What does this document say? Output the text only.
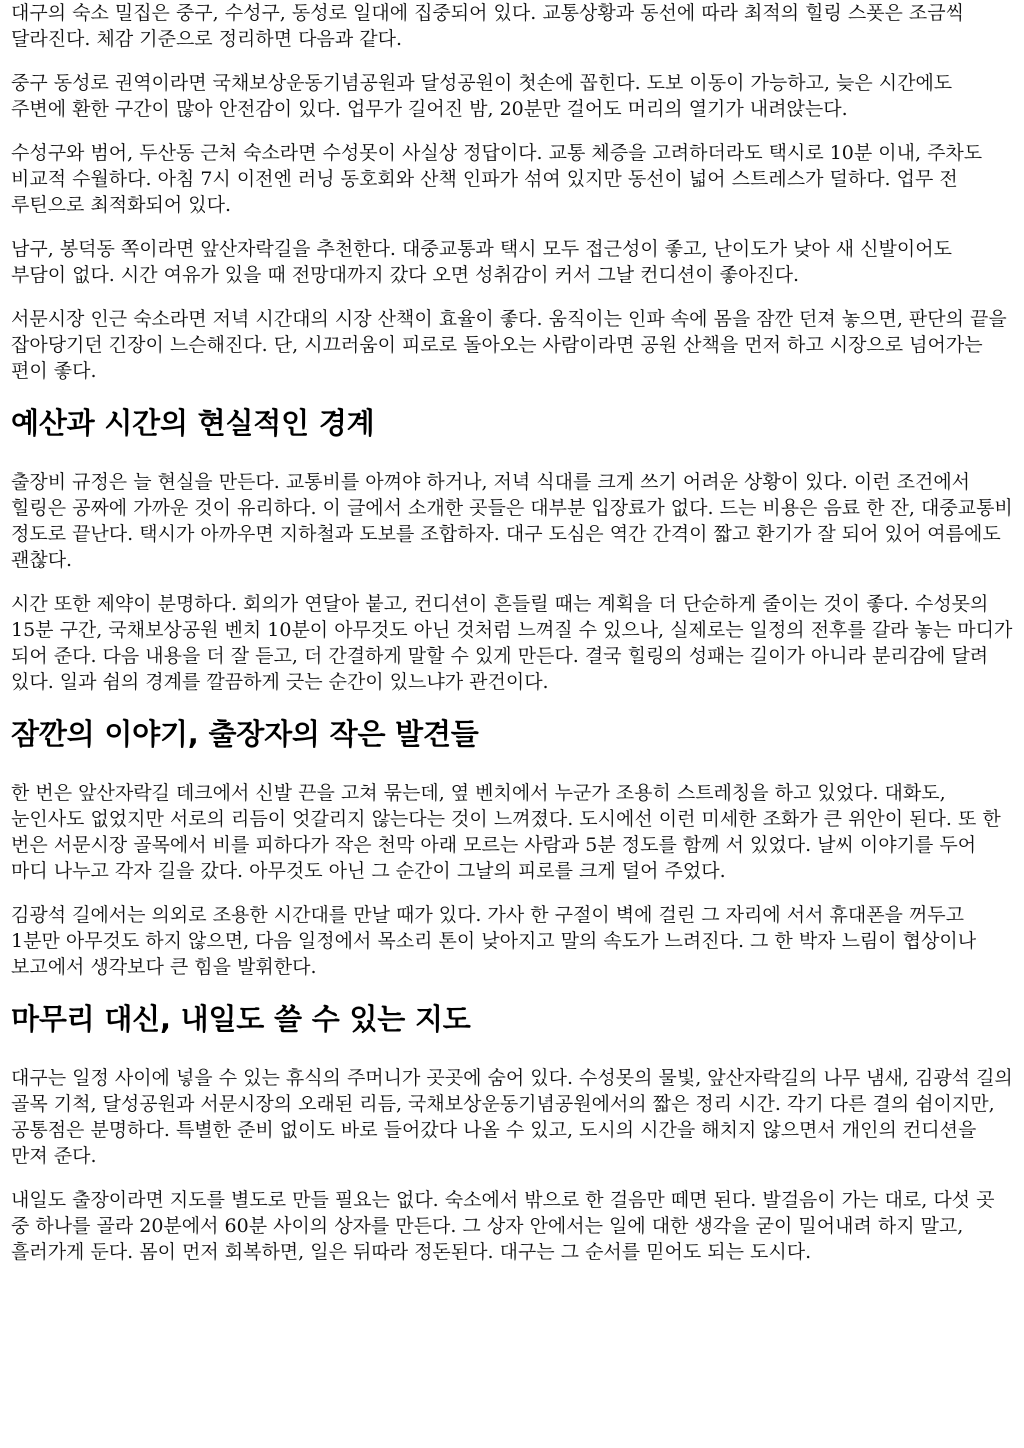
대구의 숙소 밀집은 중구, 수성구, 동성로 일대에 집중되어 있다. 교통상황과 동선에 따라 최적의 힐링 스폿은 조금씩 달라진다. 체감 기준으로 정리하면 다음과 같다.

중구 동성로 권역이라면 국채보상운동기념공원과 달성공원이 첫손에 꼽힌다. 도보 이동이 가능하고, 늦은 시간에도 주변에 환한 구간이 많아 안전감이 있다. 업무가 길어진 밤, 20분만 걸어도 머리의 열기가 내려앉는다.

수성구와 범어, 두산동 근처 숙소라면 수성못이 사실상 정답이다. 교통 체증을 고려하더라도 택시로 10분 이내, 주차도 비교적 수월하다. 아침 7시 이전엔 러닝 동호회와 산책 인파가 섞여 있지만 동선이 넓어 스트레스가 덜하다. 업무 전 루틴으로 최적화되어 있다.

남구, 봉덕동 쪽이라면 앞산자락길을 추천한다. 대중교통과 택시 모두 접근성이 좋고, 난이도가 낮아 새 신발이어도 부담이 없다. 시간 여유가 있을 때 전망대까지 갔다 오면 성취감이 커서 그날 컨디션이 좋아진다.

서문시장 인근 숙소라면 저녁 시간대의 시장 산책이 효율이 좋다. 움직이는 인파 속에 몸을 잠깐 던져 놓으면, 판단의 끝을 잡아당기던 긴장이 느슨해진다. 단, 시끄러움이 피로로 돌아오는 사람이라면 공원 산책을 먼저 하고 시장으로 넘어가는 편이 좋다.

예산과 시간의 현실적인 경계

출장비 규정은 늘 현실을 만든다. 교통비를 아껴야 하거나, 저녁 식대를 크게 쓰기 어려운 상황이 있다. 이런 조건에서 힐링은 공짜에 가까운 것이 유리하다. 이 글에서 소개한 곳들은 대부분 입장료가 없다. 드는 비용은 음료 한 잔, 대중교통비 정도로 끝난다. 택시가 아까우면 지하철과 도보를 조합하자. 대구 도심은 역간 간격이 짧고 환기가 잘 되어 있어 여름에도 괜찮다.

시간 또한 제약이 분명하다. 회의가 연달아 붙고, 컨디션이 흔들릴 때는 계획을 더 단순하게 줄이는 것이 좋다. 수성못의 15분 구간, 국채보상공원 벤치 10분이 아무것도 아닌 것처럼 느껴질 수 있으나, 실제로는 일정의 전후를 갈라 놓는 마디가 되어 준다. 다음 내용을 더 잘 듣고, 더 간결하게 말할 수 있게 만든다. 결국 힐링의 성패는 길이가 아니라 분리감에 달려 있다. 일과 쉼의 경계를 깔끔하게 긋는 순간이 있느냐가 관건이다.

잠깐의 이야기, 출장자의 작은 발견들

한 번은 앞산자락길 데크에서 신발 끈을 고쳐 묶는데, 옆 벤치에서 누군가 조용히 스트레칭을 하고 있었다. 대화도, 눈인사도 없었지만 서로의 리듬이 엇갈리지 않는다는 것이 느껴졌다. 도시에선 이런 미세한 조화가 큰 위안이 된다. 또 한 번은 서문시장 골목에서 비를 피하다가 작은 천막 아래 모르는 사람과 5분 정도를 함께 서 있었다. 날씨 이야기를 두어 마디 나누고 각자 길을 갔다. 아무것도 아닌 그 순간이 그날의 피로를 크게 덜어 주었다.

김광석 길에서는 의외로 조용한 시간대를 만날 때가 있다. 가사 한 구절이 벽에 걸린 그 자리에 서서 휴대폰을 꺼두고 1분만 아무것도 하지 않으면, 다음 일정에서 목소리 톤이 낮아지고 말의 속도가 느려진다. 그 한 박자 느림이 협상이나 보고에서 생각보다 큰 힘을 발휘한다.

마무리 대신, 내일도 쓸 수 있는 지도

대구는 일정 사이에 넣을 수 있는 휴식의 주머니가 곳곳에 숨어 있다. 수성못의 물빛, 앞산자락길의 나무 냄새, 김광석 길의 골목 기척, 달성공원과 서문시장의 오래된 리듬, 국채보상운동기념공원에서의 짧은 정리 시간. 각기 다른 결의 쉼이지만, 공통점은 분명하다. 특별한 준비 없이도 바로 들어갔다 나올 수 있고, 도시의 시간을 해치지 않으면서 개인의 컨디션을 만져 준다.

내일도 출장이라면 지도를 별도로 만들 필요는 없다. 숙소에서 밖으로 한 걸음만 떼면 된다. 발걸음이 가는 대로, 다섯 곳 중 하나를 골라 20분에서 60분 사이의 상자를 만든다. 그 상자 안에서는 일에 대한 생각을 굳이 밀어내려 하지 말고, 흘러가게 둔다. 몸이 먼저 회복하면, 일은 뒤따라 정돈된다. 대구는 그 순서를 믿어도 되는 도시다.
